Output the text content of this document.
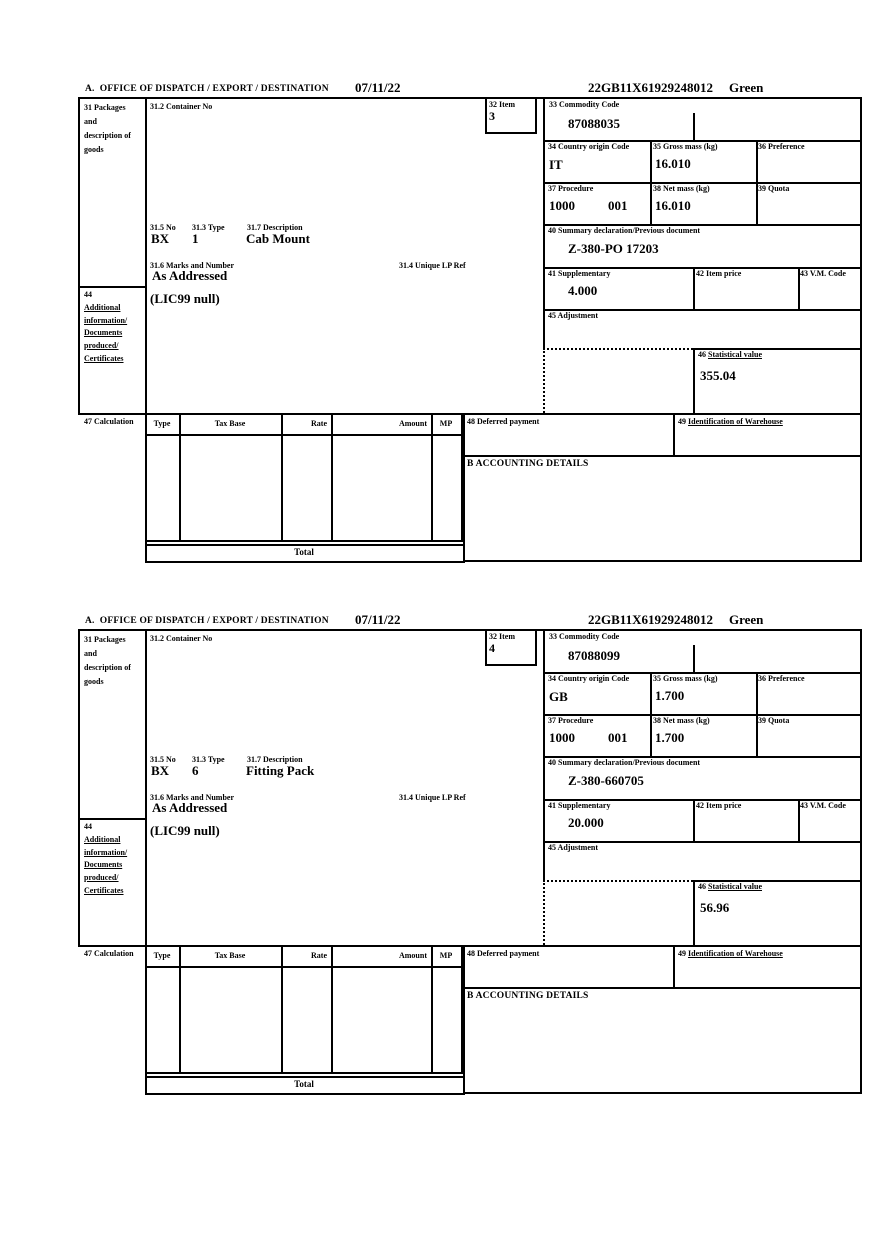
A.  OFFICE OF DISPATCH / EXPORT / DESTINATION 07/11/22	22GB11X61929248012 Green
31 Packages and description of goods
31.2 Container No	32 Item
3
33 Commodity Code
87088035
34 Country origin Code
IT
35 Gross mass (kg)
16.010
36 Preference
37 Procedure
1000	001
38 Net mass (kg)
16.010
39 Quota
40 Summary declaration/Previous document
Z-380-PO 17203
41 Supplementary
4.000
42 Item price	43 V.M. Code
45 Adjustment
46 Statistical value
355.04
31.5 No 31.3 Type	31.7 Description
BX 1	Cab Mount
31.6 Marks and Number	31.4 Unique LP Ref
As Addressed
44
Additional information/ Documents produced/ Certificates
(LIC99 null)
47 Calculation	Type	Tax Base	Rate	Amount	MP	48 Deferred payment	49 Identification of Warehouse
B ACCOUNTING DETAILS
Total
A.  OFFICE OF DISPATCH / EXPORT / DESTINATION 07/11/22	22GB11X61929248012 Green
31 Packages and description of goods
31.2 Container No	32 Item
4
33 Commodity Code
87088099
34 Country origin Code
GB
35 Gross mass (kg)
1.700
36 Preference
37 Procedure
1000	001
38 Net mass (kg)
1.700
39 Quota
40 Summary declaration/Previous document
Z-380-660705
41 Supplementary
20.000
42 Item price	43 V.M. Code
45 Adjustment
46 Statistical value
56.96
31.5 No 31.3 Type	31.7 Description
BX 6	Fitting Pack
31.6 Marks and Number	31.4 Unique LP Ref
As Addressed
44
Additional information/ Documents produced/ Certificates
(LIC99 null)
47 Calculation	Type	Tax Base	Rate	Amount	MP	48 Deferred payment	49 Identification of Warehouse
B ACCOUNTING DETAILS
Total
